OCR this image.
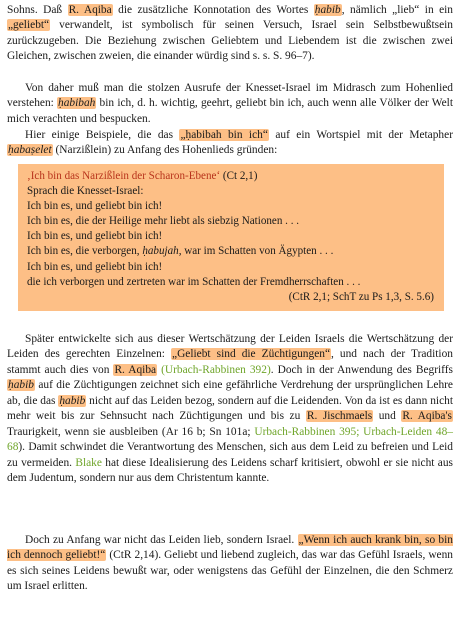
Sohns. Daß R. Aqiba die zusätzliche Konnotation des Wortes ḥabib, nämlich „lieb“ in ein „geliebt“ verwandelt, ist symbolisch für seinen Versuch, Israel sein Selbstbewußtsein zurückzugeben. Die Beziehung zwischen Geliebtem und Liebendem ist die zwischen zwei Gleichen, zwischen zweien, die einander würdig sind s. s. S. 96–7).

Von daher muß man die stolzen Ausrufe der Knesset-Israel im Midrasch zum Hohenlied verstehen: ḥabibah bin ich, d. h. wichtig, geehrt, geliebt bin ich, auch wenn alle Völker der Welt mich verachten und bespucken.

Hier einige Beispiele, die das „ḥabibah bin ich“ auf ein Wortspiel mit der Metapher ḥabaṣelet (Narzißlein) zu Anfang des Hohenlieds gründen:

‚Ich bin das Narzißlein der Scharon-Ebene‘ (Ct 2,1)
Sprach die Knesset-Israel:
Ich bin es, und geliebt bin ich!
Ich bin es, die der Heilige mehr liebt als siebzig Nationen . . .
Ich bin es, und geliebt bin ich!
Ich bin es, die verborgen, ḥabujah, war im Schatten von Ägypten . . .
Ich bin es, und geliebt bin ich!
die ich verborgen und zertreten war im Schatten der Fremdherrschaften . . .
(CtR 2,1; SchT zu Ps 1,3, S. 5.6)

Später entwickelte sich aus dieser Wertschätzung der Leiden Israels die Wertschätzung der Leiden des gerechten Einzelnen: „Geliebt sind die Züchtigungen“, und nach der Tradition stammt auch dies von R. Aqiba (Urbach-Rabbinen 392). Doch in der Anwendung des Begriffs ḥabib auf die Züchtigungen zeichnet sich eine gefährliche Verdrehung der ursprünglichen Lehre ab, die das ḥabib nicht auf das Leiden bezog, sondern auf die Leidenden. Von da ist es dann nicht mehr weit bis zur Sehnsucht nach Züchtigungen und bis zu R. Jischmaels und R. Aqiba's Traurigkeit, wenn sie ausbleiben (Ar 16 b; Sn 101a; Urbach-Rabbinen 395; Urbach-Leiden 48–68). Damit schwindet die Verantwortung des Menschen, sich aus dem Leid zu befreien und Leid zu vermeiden. Blake hat diese Idealisierung des Leidens scharf kritisiert, obwohl er sie nicht aus dem Judentum, sondern nur aus dem Christentum kannte.

Doch zu Anfang war nicht das Leiden lieb, sondern Israel. „Wenn ich auch krank bin, so bin ich dennoch geliebt!“ (CtR 2,14). Geliebt und liebend zugleich, das war das Gefühl Israels, wenn es sich seines Leidens bewußt war, oder wenigstens das Gefühl der Einzelnen, die den Schmerz um Israel erlitten.
